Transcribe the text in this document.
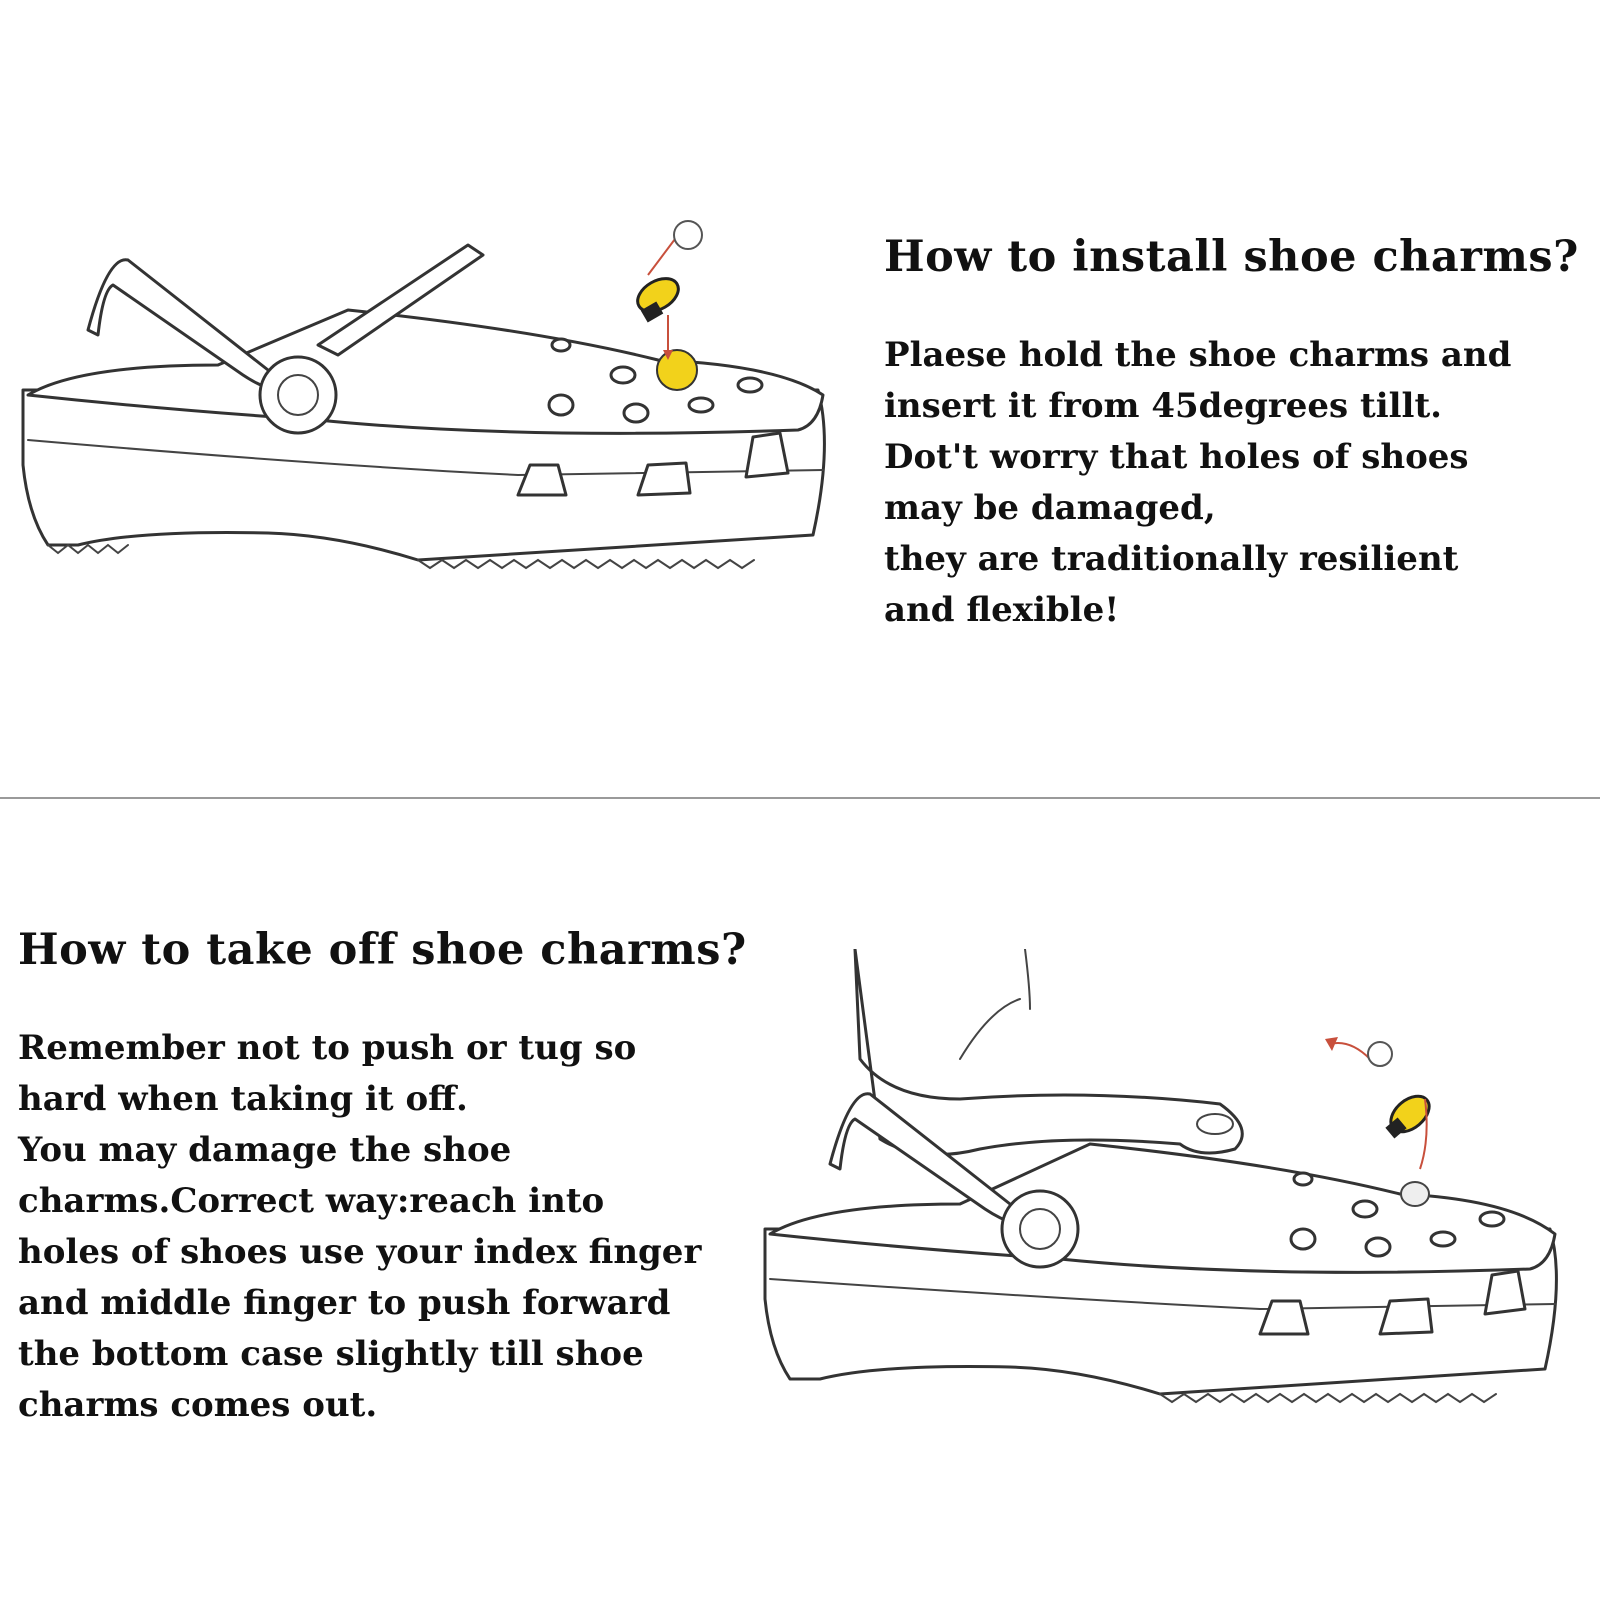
How to install shoe charms?
Plaese hold the shoe charms and
insert it from 45degrees tillt.
Dot't worry that holes of shoes
may be damaged,
they are traditionally resilient
and flexible!
How to take off shoe charms?
Remember not to push or tug so
hard when taking it off.
You may damage the shoe
charms.Correct way:reach into
holes of shoes use your index finger
and middle finger to push forward
the bottom case slightly till shoe
charms comes out.
